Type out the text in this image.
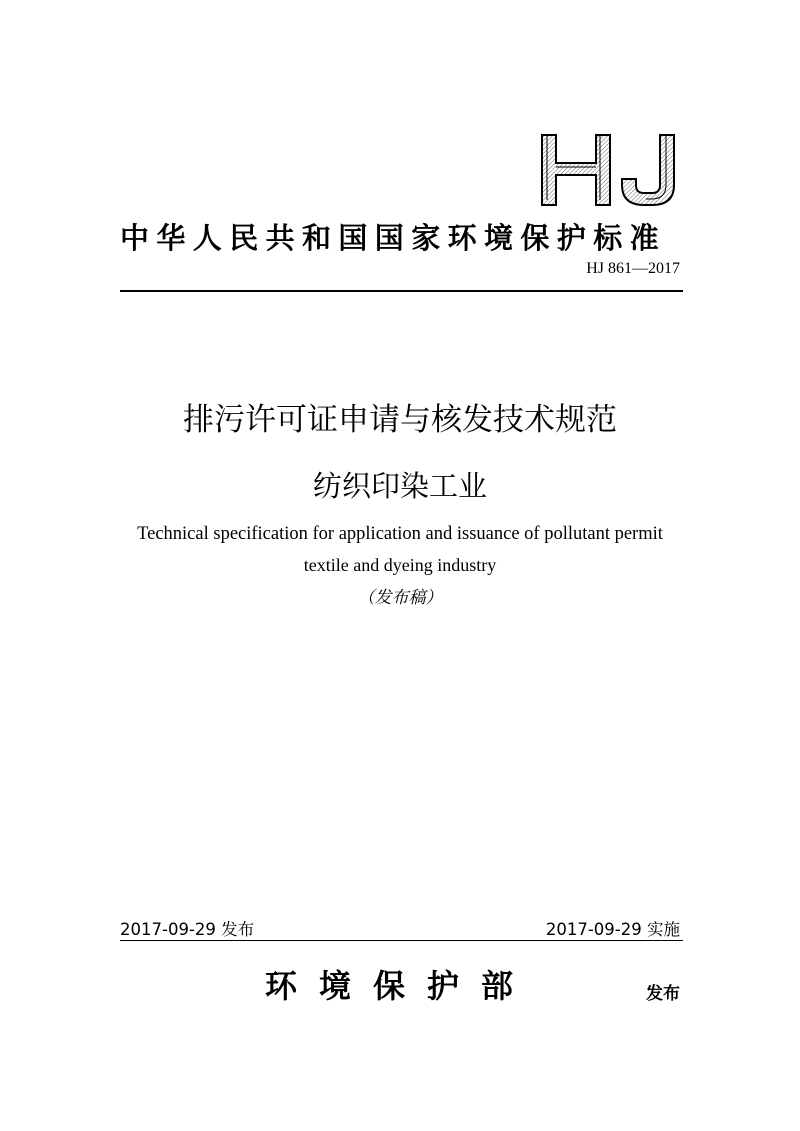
中华人民共和国国家环境保护标准
HJ 861—2017
排污许可证申请与核发技术规范
纺织印染工业
Technical specification for application and issuance of pollutant permit
textile and dyeing industry
（发布稿）
2017-09-29 发布	2017-09-29 实施
环境保护部	发布
